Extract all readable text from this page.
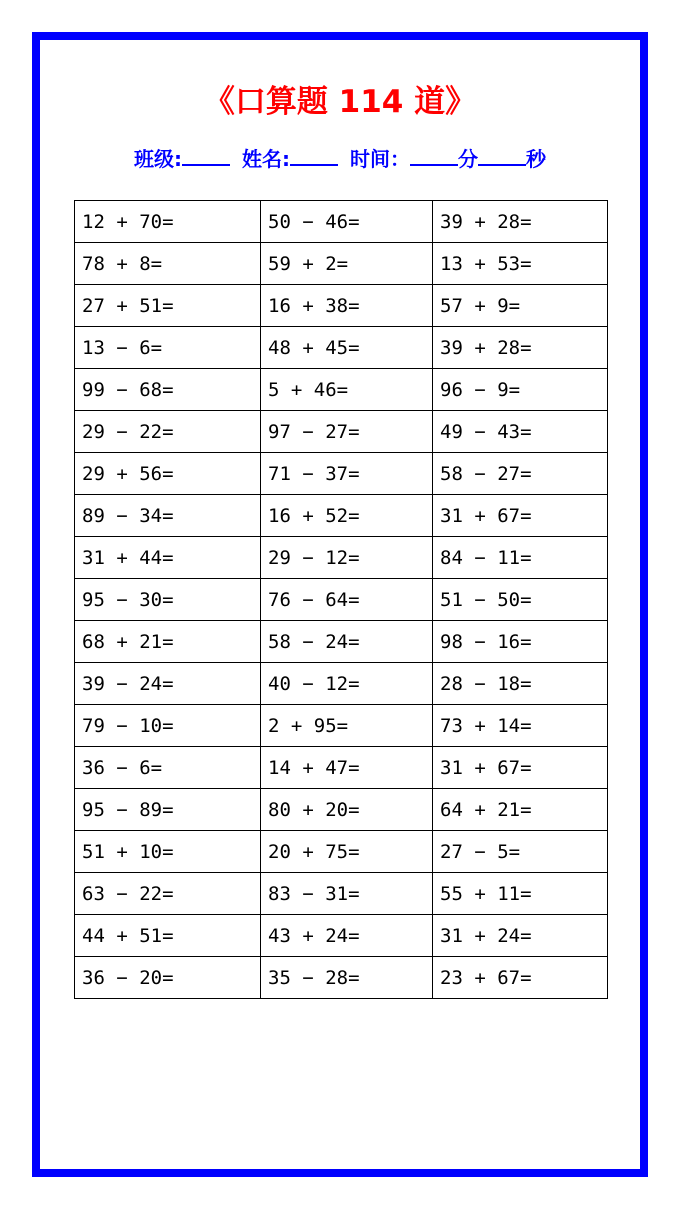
《口算题 114 道》
班级:	姓名:	时间： 分 秒
12 + 70=	50 − 46=	39 + 28=
78 + 8=	59 + 2=	13 + 53=
27 + 51=	16 + 38=	57 + 9=
13 − 6=	48 + 45=	39 + 28=
99 − 68=	5 + 46=	96 − 9=
29 − 22=	97 − 27=	49 − 43=
29 + 56=	71 − 37=	58 − 27=
89 − 34=	16 + 52=	31 + 67=
31 + 44=	29 − 12=	84 − 11=
95 − 30=	76 − 64=	51 − 50=
68 + 21=	58 − 24=	98 − 16=
39 − 24=	40 − 12=	28 − 18=
79 − 10=	2 + 95=	73 + 14=
36 − 6=	14 + 47=	31 + 67=
95 − 89=	80 + 20=	64 + 21=
51 + 10=	20 + 75=	27 − 5=
63 − 22=	83 − 31=	55 + 11=
44 + 51=	43 + 24=	31 + 24=
36 − 20=	35 − 28=	23 + 67=
